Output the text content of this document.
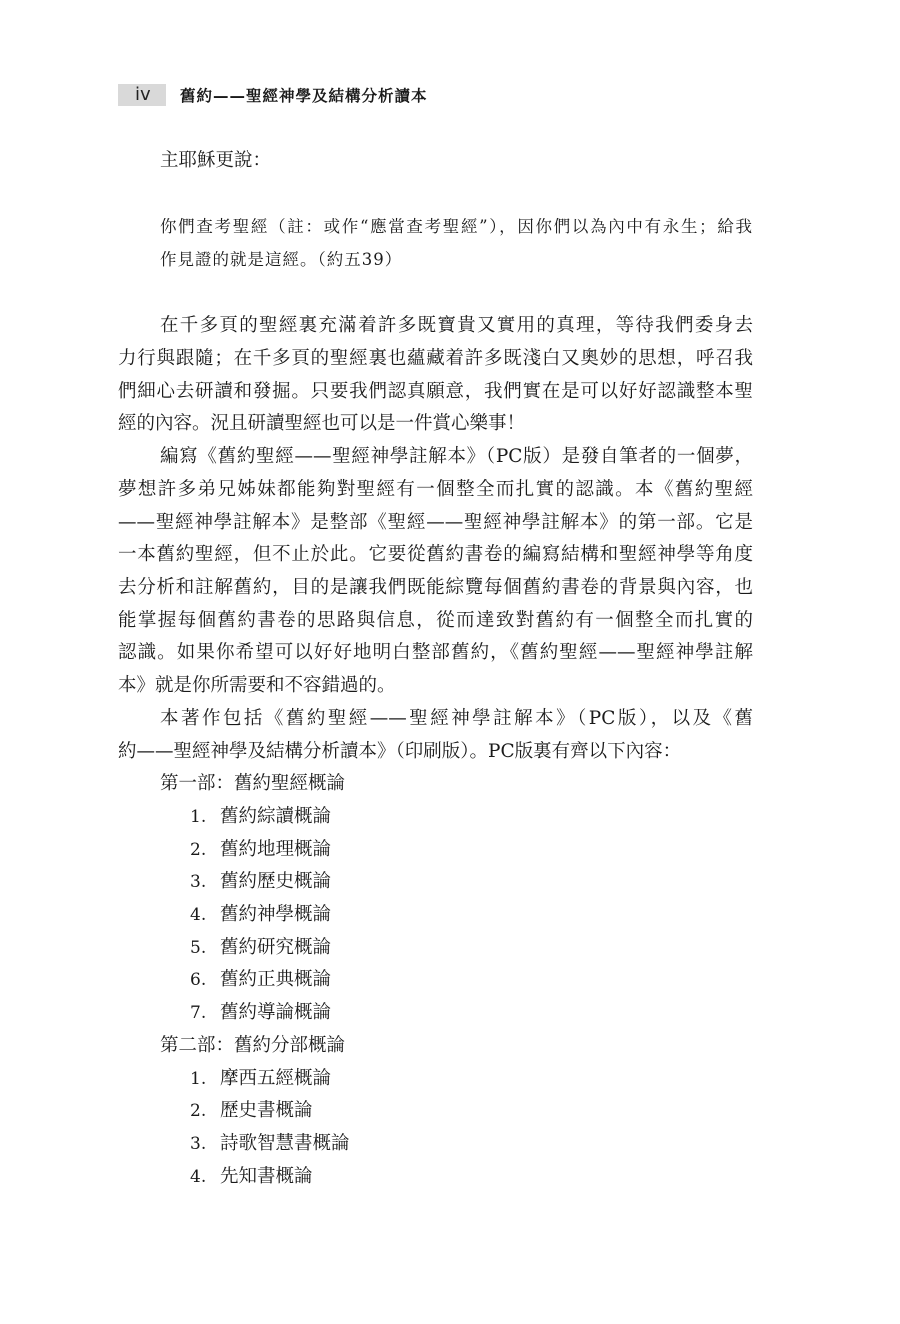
iv	舊約——聖經神學及結構分析讀本
主耶穌更說：
你們查考聖經（註：或作“應當查考聖經”），因你們以為內中有永生；給我
作見證的就是這經。（約五39）
在千多頁的聖經裏充滿着許多既寶貴又實用的真理，等待我們委身去
力行與跟隨；在千多頁的聖經裏也蘊藏着許多既淺白又奧妙的思想，呼召我
們細心去研讀和發掘。只要我們認真願意，我們實在是可以好好認識整本聖
經的內容。況且研讀聖經也可以是一件賞心樂事！
編寫《舊約聖經——聖經神學註解本》（PC版）是發自筆者的一個夢，
夢想許多弟兄姊妹都能夠對聖經有一個整全而扎實的認識。本《舊約聖經
——聖經神學註解本》是整部《聖經——聖經神學註解本》的第一部。它是
一本舊約聖經，但不止於此。它要從舊約書卷的編寫結構和聖經神學等角度
去分析和註解舊約，目的是讓我們既能綜覽每個舊約書卷的背景與內容，也
能掌握每個舊約書卷的思路與信息，從而達致對舊約有一個整全而扎實的
認識。如果你希望可以好好地明白整部舊約，《舊約聖經——聖經神學註解
本》就是你所需要和不容錯過的。
本著作包括《舊約聖經——聖經神學註解本》（PC版），以及《舊
約——聖經神學及結構分析讀本》（印刷版）。PC版裏有齊以下內容：
第一部：舊約聖經概論
1. 舊約綜讀概論
2. 舊約地理概論
3. 舊約歷史概論
4. 舊約神學概論
5. 舊約研究概論
6. 舊約正典概論
7. 舊約導論概論
第二部：舊約分部概論
1. 摩西五經概論
2. 歷史書概論
3. 詩歌智慧書概論
4. 先知書概論
